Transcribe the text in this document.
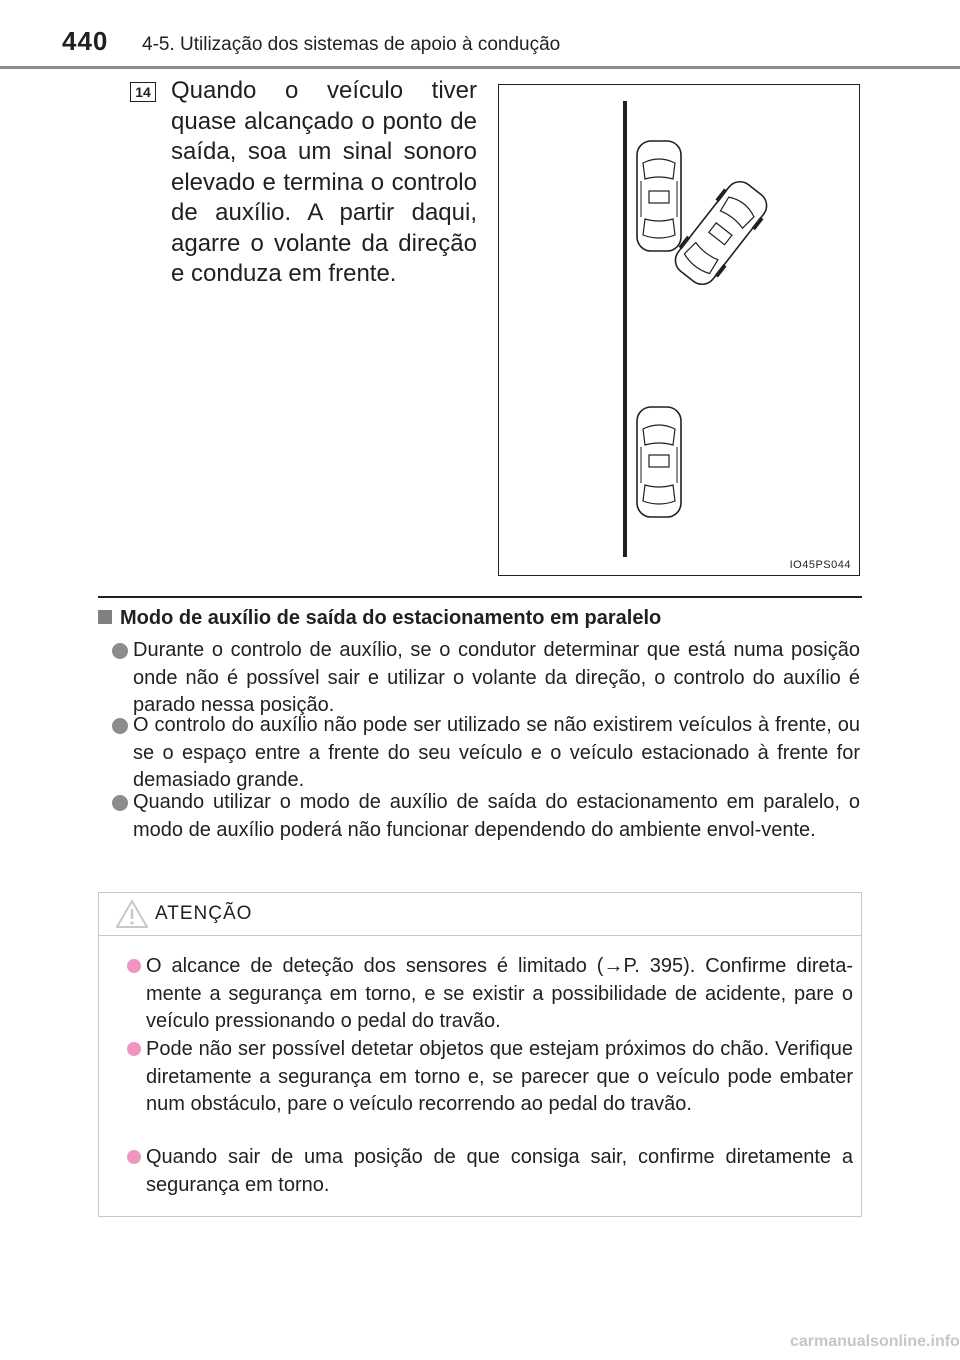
440 4-5. Utilização dos sistemas de apoio à condução
14 Quando o veículo tiver quase alcançado o ponto de saída, soa um sinal sonoro elevado e termina o controlo de auxílio. A partir daqui, agarre o volante da direção e conduza em frente.

IO45PS044
Modo de auxílio de saída do estacionamento em paralelo
Durante o controlo de auxílio, se o condutor determinar que está numa posição onde não é possível sair e utilizar o volante da direção, o controlo do auxílio é parado nessa posição.
O controlo do auxílio não pode ser utilizado se não existirem veículos à frente, ou se o espaço entre a frente do seu veículo e o veículo estacionado à frente for demasiado grande.
Quando utilizar o modo de auxílio de saída do estacionamento em paralelo, o modo de auxílio poderá não funcionar dependendo do ambiente envol-vente.
ATENÇÃO
O alcance de deteção dos sensores é limitado (→P. 395). Confirme direta-mente a segurança em torno, e se existir a possibilidade de acidente, pare o veículo pressionando o pedal do travão.
Pode não ser possível detetar objetos que estejam próximos do chão. Verifique diretamente a segurança em torno e, se parecer que o veículo pode embater num obstáculo, pare o veículo recorrendo ao pedal do travão.
Quando sair de uma posição de que consiga sair, confirme diretamente a segurança em torno.
carmanualsonline.info
